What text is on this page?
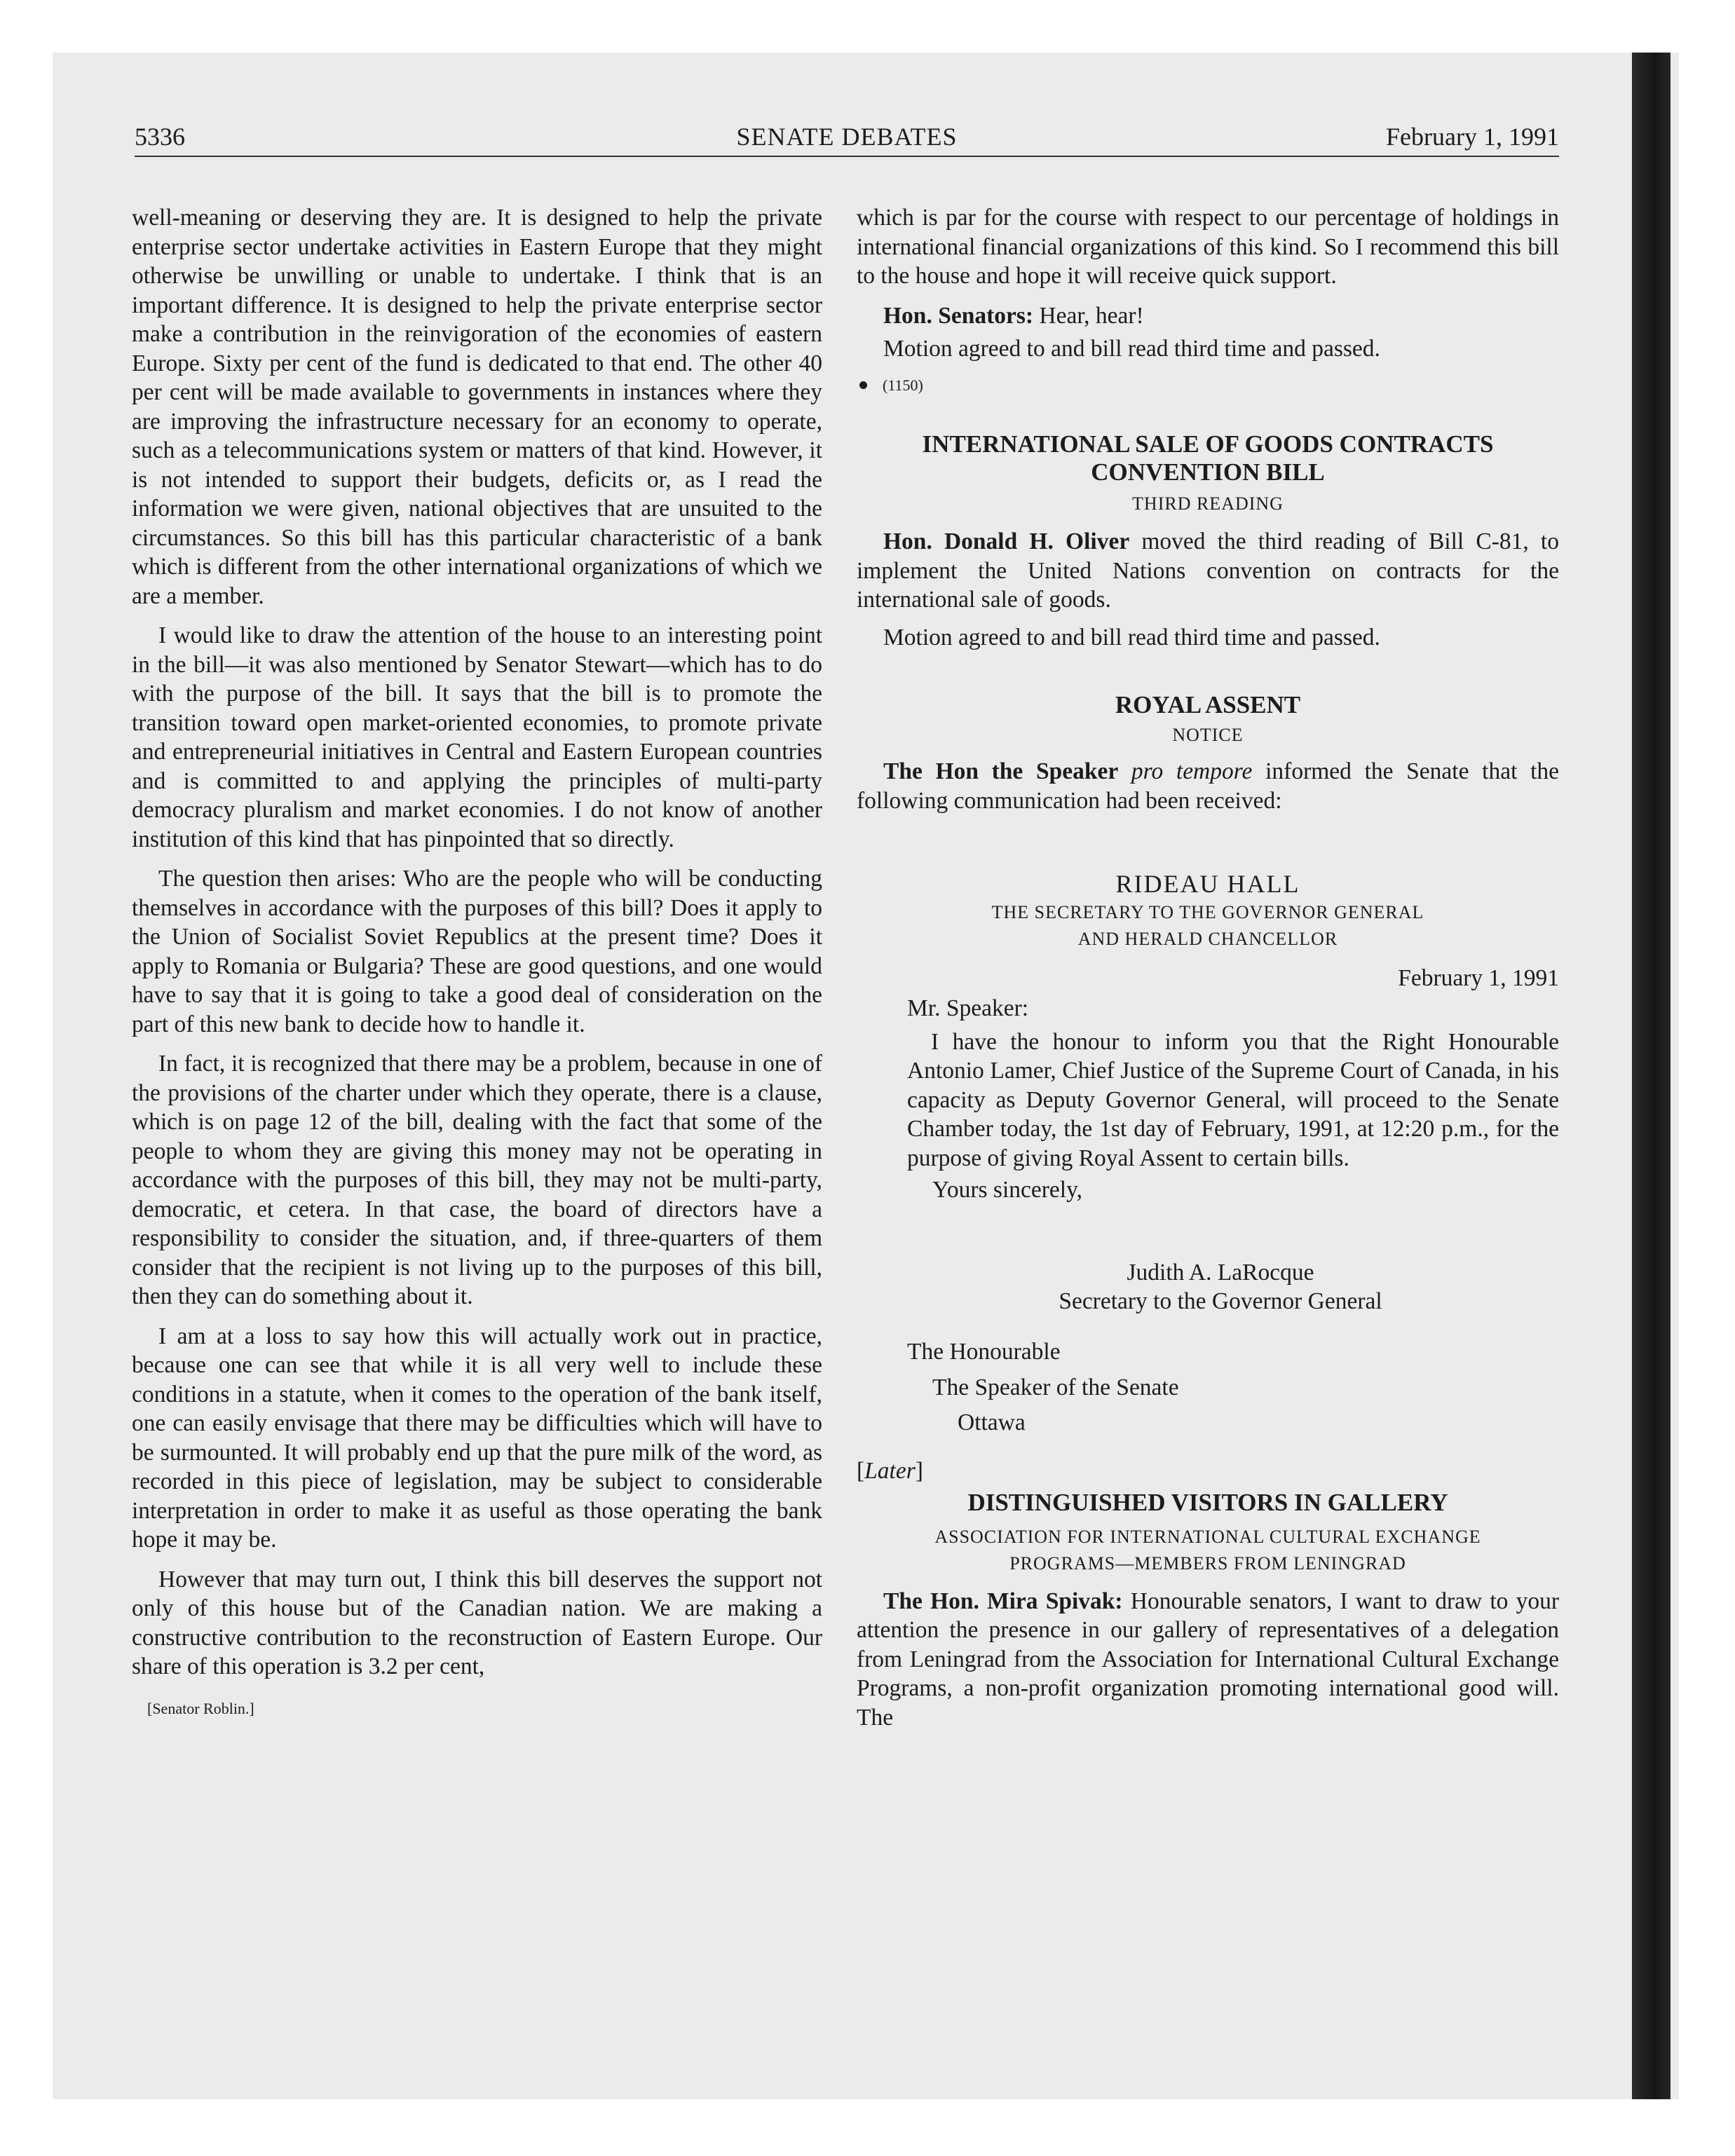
5336	SENATE DEBATES	February 1, 1991

well-meaning or deserving they are. It is designed to help the private enterprise sector undertake activities in Eastern Europe that they might otherwise be unwilling or unable to undertake. I think that is an important difference. It is designed to help the private enterprise sector make a contribution in the reinvigoration of the economies of eastern Europe. Sixty per cent of the fund is dedicated to that end. The other 40 per cent will be made available to governments in instances where they are improving the infrastructure necessary for an economy to operate, such as a telecommunications system or matters of that kind. However, it is not intended to support their budgets, deficits or, as I read the information we were given, national objectives that are unsuited to the circumstances. So this bill has this particular characteristic of a bank which is different from the other international organizations of which we are a member.

I would like to draw the attention of the house to an interesting point in the bill—it was also mentioned by Senator Stewart—which has to do with the purpose of the bill. It says that the bill is to promote the transition toward open market-oriented economies, to promote private and entrepreneurial initiatives in Central and Eastern European countries and is committed to and applying the principles of multi-party democracy pluralism and market economies. I do not know of another institution of this kind that has pinpointed that so directly.

The question then arises: Who are the people who will be conducting themselves in accordance with the purposes of this bill? Does it apply to the Union of Socialist Soviet Republics at the present time? Does it apply to Romania or Bulgaria? These are good questions, and one would have to say that it is going to take a good deal of consideration on the part of this new bank to decide how to handle it.

In fact, it is recognized that there may be a problem, because in one of the provisions of the charter under which they operate, there is a clause, which is on page 12 of the bill, dealing with the fact that some of the people to whom they are giving this money may not be operating in accordance with the purposes of this bill, they may not be multi-party, democratic, et cetera. In that case, the board of directors have a responsibility to consider the situation, and, if three-quarters of them consider that the recipient is not living up to the purposes of this bill, then they can do something about it.

I am at a loss to say how this will actually work out in practice, because one can see that while it is all very well to include these conditions in a statute, when it comes to the operation of the bank itself, one can easily envisage that there may be difficulties which will have to be surmounted. It will probably end up that the pure milk of the word, as recorded in this piece of legislation, may be subject to considerable interpretation in order to make it as useful as those operating the bank hope it may be.

However that may turn out, I think this bill deserves the support not only of this house but of the Canadian nation. We are making a constructive contribution to the reconstruction of Eastern Europe. Our share of this operation is 3.2 per cent,

[Senator Roblin.]

which is par for the course with respect to our percentage of holdings in international financial organizations of this kind. So I recommend this bill to the house and hope it will receive quick support.

Hon. Senators: Hear, hear!

Motion agreed to and bill read third time and passed.

(1150)
INTERNATIONAL SALE OF GOODS CONTRACTS CONVENTION BILL
THIRD READING

Hon. Donald H. Oliver moved the third reading of Bill C-81, to implement the United Nations convention on contracts for the international sale of goods.

Motion agreed to and bill read third time and passed.

ROYAL ASSENT
NOTICE

The Hon the Speaker pro tempore informed the Senate that the following communication had been received:

RIDEAU HALL
THE SECRETARY TO THE GOVERNOR GENERAL
AND HERALD CHANCELLOR
February 1, 1991
Mr. Speaker:

I have the honour to inform you that the Right Honourable Antonio Lamer, Chief Justice of the Supreme Court of Canada, in his capacity as Deputy Governor General, will proceed to the Senate Chamber today, the 1st day of February, 1991, at 12:20 p.m., for the purpose of giving Royal Assent to certain bills.

Yours sincerely,
Judith A. LaRocque
Secretary to the Governor General
The Honourable
The Speaker of the Senate
Ottawa
[Later]
DISTINGUISHED VISITORS IN GALLERY
ASSOCIATION FOR INTERNATIONAL CULTURAL EXCHANGE
PROGRAMS—MEMBERS FROM LENINGRAD

The Hon. Mira Spivak: Honourable senators, I want to draw to your attention the presence in our gallery of representatives of a delegation from Leningrad from the Association for International Cultural Exchange Programs, a non-profit organization promoting international good will. The
